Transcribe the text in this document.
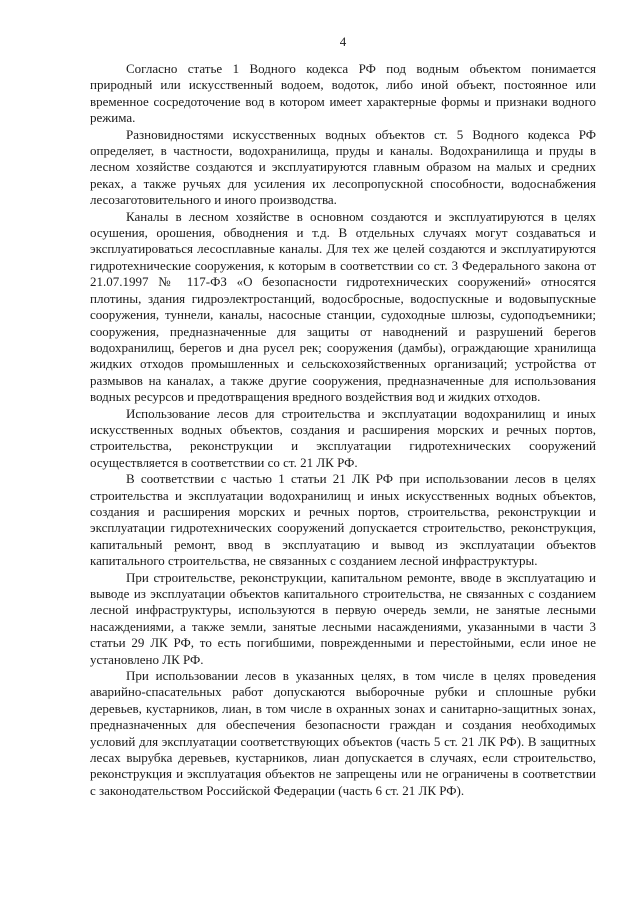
4

Согласно статье 1 Водного кодекса РФ под водным объектом понимается природный или искусственный водоем, водоток, либо иной объект, постоянное или временное сосредоточение вод в котором имеет характерные формы и признаки водного режима.

Разновидностями искусственных водных объектов ст. 5 Водного кодекса РФ определяет, в частности, водохранилища, пруды и каналы. Водохранилища и пруды в лесном хозяйстве создаются и эксплуатируются главным образом на малых и средних реках, а также ручьях для усиления их лесопропускной способности, водоснабжения лесозаготовительного и иного производства.

Каналы в лесном хозяйстве в основном создаются и эксплуатируются в целях осушения, орошения, обводнения и т.д. В отдельных случаях могут создаваться и эксплуатироваться лесосплавные каналы. Для тех же целей создаются и эксплуатируются гидротехнические сооружения, к которым в соответствии со ст. 3 Федерального закона от 21.07.1997 № 117-ФЗ «О безопасности гидротехнических сооружений» относятся плотины, здания гидроэлектростанций, водосбросные, водоспускные и водовыпускные сооружения, туннели, каналы, насосные станции, судоходные шлюзы, судоподъемники; сооружения, предназначенные для защиты от наводнений и разрушений берегов водохранилищ, берегов и дна русел рек; сооружения (дамбы), ограждающие хранилища жидких отходов промышленных и сельскохозяйственных организаций; устройства от размывов на каналах, а также другие сооружения, предназначенные для использования водных ресурсов и предотвращения вредного воздействия вод и жидких отходов.

Использование лесов для строительства и эксплуатации водохранилищ и иных искусственных водных объектов, создания и расширения морских и речных портов, строительства, реконструкции и эксплуатации гидротехнических сооружений осуществляется в соответствии со ст. 21 ЛК РФ.

В соответствии с частью 1 статьи 21 ЛК РФ при использовании лесов в целях строительства и эксплуатации водохранилищ и иных искусственных водных объектов, создания и расширения морских и речных портов, строительства, реконструкции и эксплуатации гидротехнических сооружений допускается строительство, реконструкция, капитальный ремонт, ввод в эксплуатацию и вывод из эксплуатации объектов капитального строительства, не связанных с созданием лесной инфраструктуры.

При строительстве, реконструкции, капитальном ремонте, вводе в эксплуатацию и выводе из эксплуатации объектов капитального строительства, не связанных с созданием лесной инфраструктуры, используются в первую очередь земли, не занятые лесными насаждениями, а также земли, занятые лесными насаждениями, указанными в части 3 статьи 29 ЛК РФ, то есть погибшими, поврежденными и перестойными, если иное не установлено ЛК РФ.

При использовании лесов в указанных целях, в том числе в целях проведения аварийно-спасательных работ допускаются выборочные рубки и сплошные рубки деревьев, кустарников, лиан, в том числе в охранных зонах и санитарно-защитных зонах, предназначенных для обеспечения безопасности граждан и создания необходимых условий для эксплуатации соответствующих объектов (часть 5 ст. 21 ЛК РФ). В защитных лесах вырубка деревьев, кустарников, лиан допускается в случаях, если строительство, реконструкция и эксплуатация объектов не запрещены или не ограничены в соответствии с законодательством Российской Федерации (часть 6 ст. 21 ЛК РФ).
